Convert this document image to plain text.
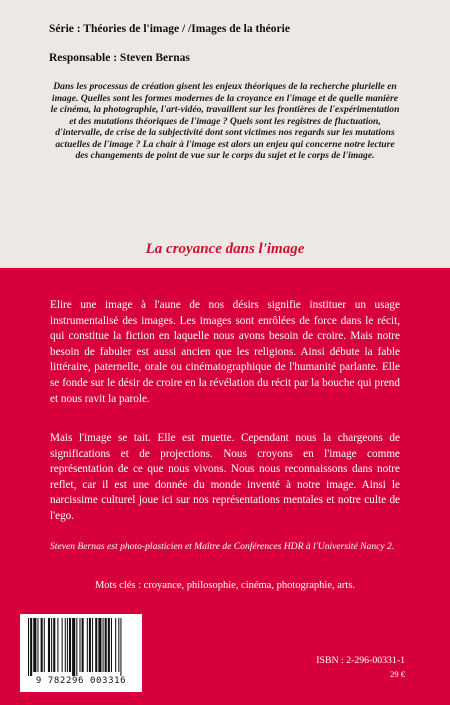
Série : Théories de l'image / /Images de la théorie
Responsable : Steven Bernas
Dans les processus de création gisent les enjeux théoriques de la recherche plurielle en image. Quelles sont les formes modernes de la croyance en l'image et de quelle manière le cinéma, la photographie, l'art-vidéo, travaillent sur les frontières de l'expérimentation et des mutations théoriques de l'image ? Quels sont les registres de fluctuation, d'intervalle, de crise de la subjectivité dont sont victimes nos regards sur les mutations actuelles de l'image ? La chair à l'image est alors un enjeu qui concerne notre lecture des changements de point de vue sur le corps du sujet et le corps de l'image.
La croyance dans l'image
Elire une image à l'aune de nos désirs signifie instituer un usage instrumentalisé des images. Les images sont enrôlées de force dans le récit, qui constitue la fiction en laquelle nous avons besoin de croire. Mais notre besoin de fabuler est aussi ancien que les religions. Ainsi débute la fable littéraire, paternelle, orale ou cinématographique de l'humanité parlante. Elle se fonde sur le désir de croire en la révélation du récit par la bouche qui prend et nous ravit la parole.
Mais l'image se tait. Elle est muette. Cependant nous la chargeons de significations et de projections. Nous croyons en l'image comme représentation de ce que nous vivons. Nous nous reconnaissons dans notre reflet, car il est une donnée du monde inventé à notre image. Ainsi le narcissime culturel joue ici sur nos représentations mentales et notre culte de l'ego.
Steven Bernas est photo-plasticien et Maître de Conférences HDR à l'Université Nancy 2.
Mots clés : croyance, philosophie, cinéma, photographie, arts.
9 782296 003316
ISBN : 2-296-00331-1
29 €
